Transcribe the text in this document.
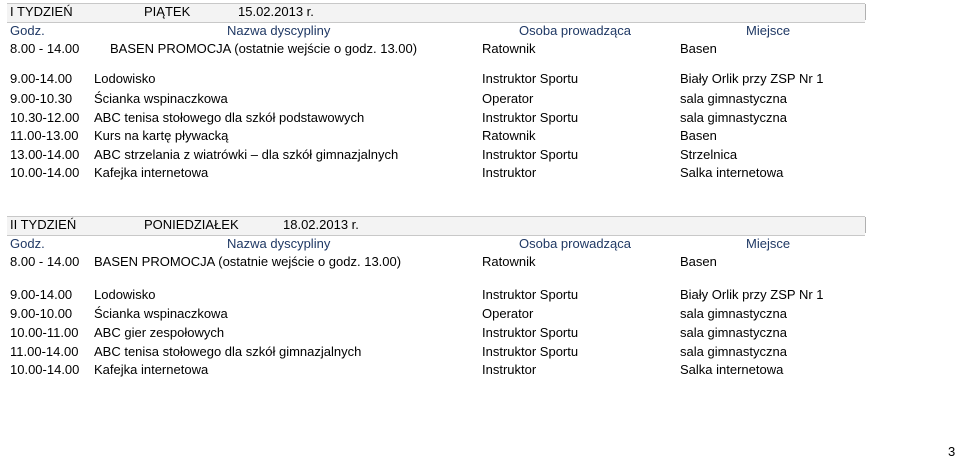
I TYDZIEŃ	PIĄTEK	15.02.2013 r.
Godz.	Nazwa dyscypliny	Osoba prowadząca	Miejsce
8.00 - 14.00 BASEN PROMOCJA (ostatnie wejście o godz. 13.00)	Ratownik	Basen
9.00-14.00 Lodowisko	Instruktor Sportu	Biały Orlik przy ZSP Nr 1
9.00-10.30 Ścianka wspinaczkowa	Operator	sala gimnastyczna
10.30-12.00 ABC tenisa stołowego dla szkół podstawowych	Instruktor Sportu	sala gimnastyczna
11.00-13.00 Kurs na kartę pływacką	Ratownik	Basen
13.00-14.00 ABC strzelania z wiatrówki – dla szkół gimnazjalnych	Instruktor Sportu	Strzelnica
10.00-14.00 Kafejka internetowa	Instruktor	Salka internetowa
II TYDZIEŃ	PONIEDZIAŁEK	18.02.2013 r.
Godz.	Nazwa dyscypliny	Osoba prowadząca	Miejsce
8.00 - 14.00 BASEN PROMOCJA (ostatnie wejście o godz. 13.00)	Ratownik	Basen
9.00-14.00 Lodowisko	Instruktor Sportu	Biały Orlik przy ZSP Nr 1
9.00-10.00 Ścianka wspinaczkowa	Operator	sala gimnastyczna
10.00-11.00 ABC gier zespołowych	Instruktor Sportu	sala gimnastyczna
11.00-14.00 ABC tenisa stołowego dla szkół gimnazjalnych	Instruktor Sportu	sala gimnastyczna
10.00-14.00 Kafejka internetowa	Instruktor	Salka internetowa
3
